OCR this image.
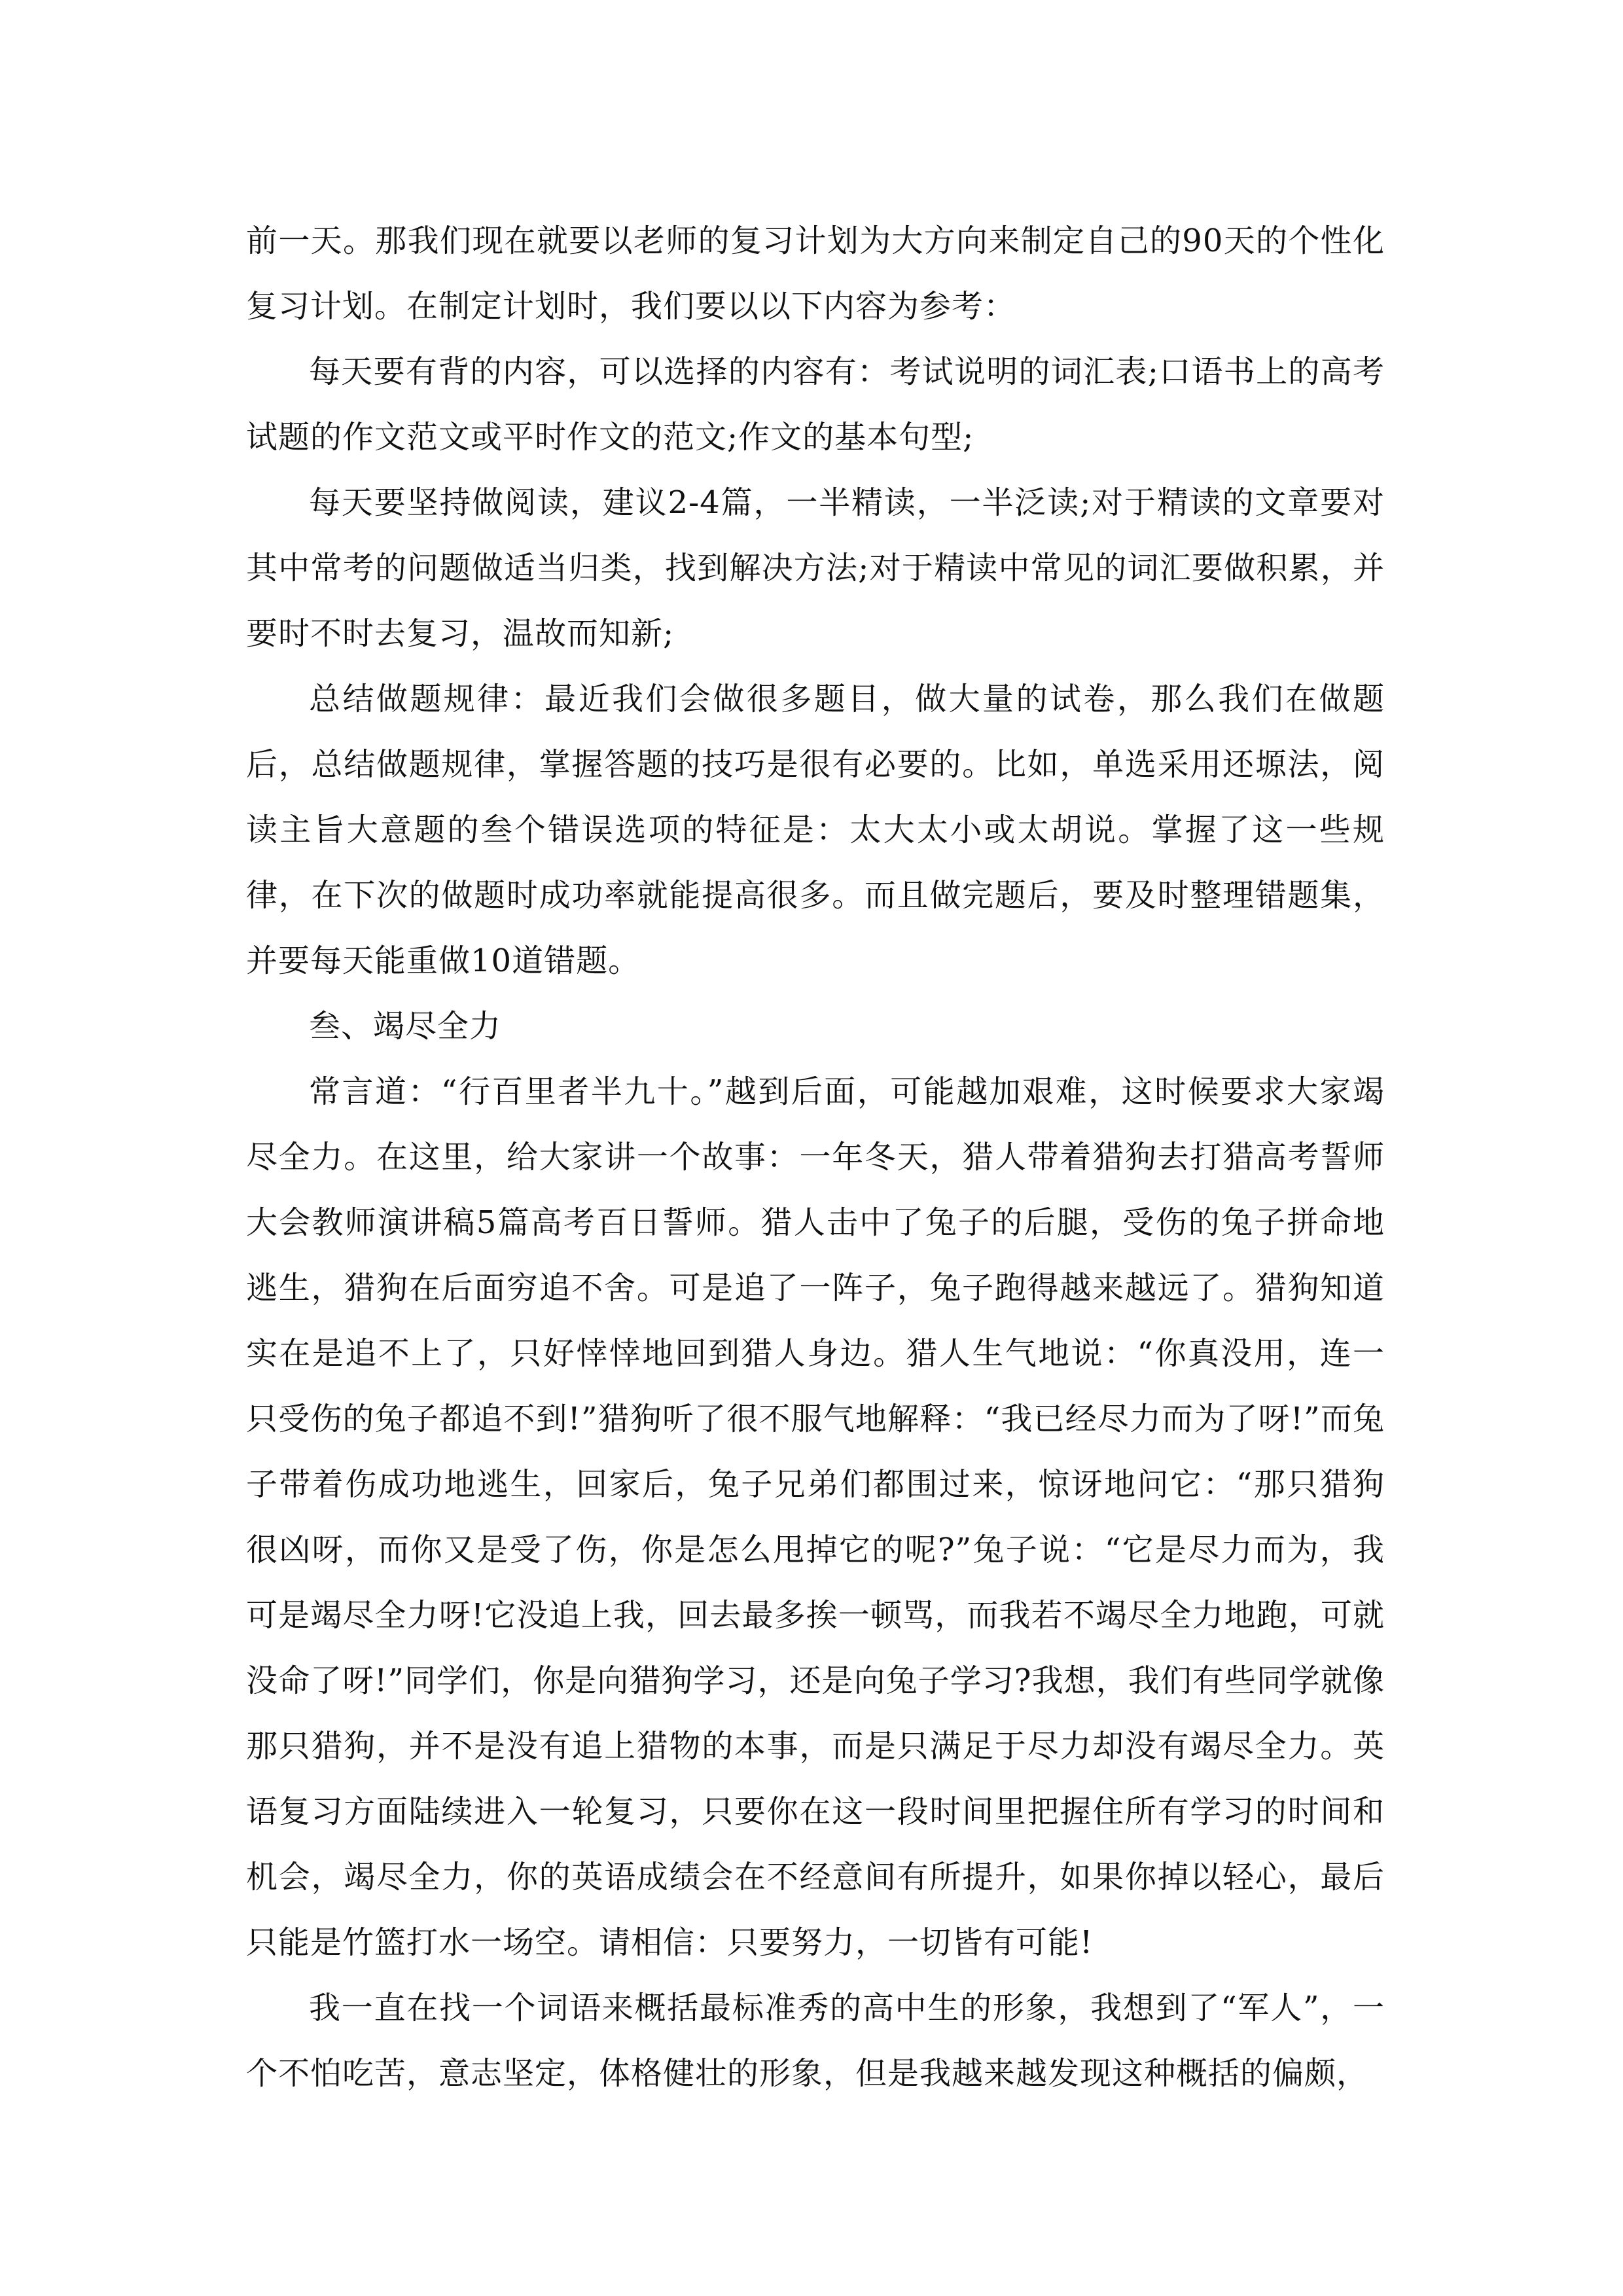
前一天。那我们现在就要以老师的复习计划为大方向来制定自己的90天的个性化复习计划。在制定计划时，我们要以以下内容为参考：

每天要有背的内容，可以选择的内容有：考试说明的词汇表;口语书上的高考试题的作文范文或平时作文的范文;作文的基本句型;

每天要坚持做阅读，建议2-4篇，一半精读，一半泛读;对于精读的文章要对其中常考的问题做适当归类，找到解决方法;对于精读中常见的词汇要做积累，并要时不时去复习，温故而知新;

总结做题规律：最近我们会做很多题目，做大量的试卷，那么我们在做题后，总结做题规律，掌握答题的技巧是很有必要的。比如，单选采用还塬法，阅读主旨大意题的叁个错误选项的特征是：太大太小或太胡说。掌握了这一些规律，在下次的做题时成功率就能提高很多。而且做完题后，要及时整理错题集，并要每天能重做10道错题。

叁、竭尽全力

常言道：“行百里者半九十。”越到后面，可能越加艰难，这时候要求大家竭尽全力。在这里，给大家讲一个故事：一年冬天，猎人带着猎狗去打猎高考誓师大会教师演讲稿5篇高考百日誓师。猎人击中了兔子的后腿，受伤的兔子拼命地逃生，猎狗在后面穷追不舍。可是追了一阵子，兔子跑得越来越远了。猎狗知道实在是追不上了，只好悻悻地回到猎人身边。猎人生气地说：“你真没用，连一只受伤的兔子都追不到!”猎狗听了很不服气地解释：“我已经尽力而为了呀!”而兔子带着伤成功地逃生，回家后，兔子兄弟们都围过来，惊讶地问它：“那只猎狗很凶呀，而你又是受了伤，你是怎么甩掉它的呢?”兔子说：“它是尽力而为，我可是竭尽全力呀!它没追上我，回去最多挨一顿骂，而我若不竭尽全力地跑，可就没命了呀!”同学们，你是向猎狗学习，还是向兔子学习?我想，我们有些同学就像那只猎狗，并不是没有追上猎物的本事，而是只满足于尽力却没有竭尽全力。英语复习方面陆续进入一轮复习，只要你在这一段时间里把握住所有学习的时间和机会，竭尽全力，你的英语成绩会在不经意间有所提升，如果你掉以轻心，最后只能是竹篮打水一场空。请相信：只要努力，一切皆有可能!

我一直在找一个词语来概括最标准秀的高中生的形象，我想到了“军人”，一个不怕吃苦，意志坚定，体格健壮的形象，但是我越来越发现这种概括的偏颇，
